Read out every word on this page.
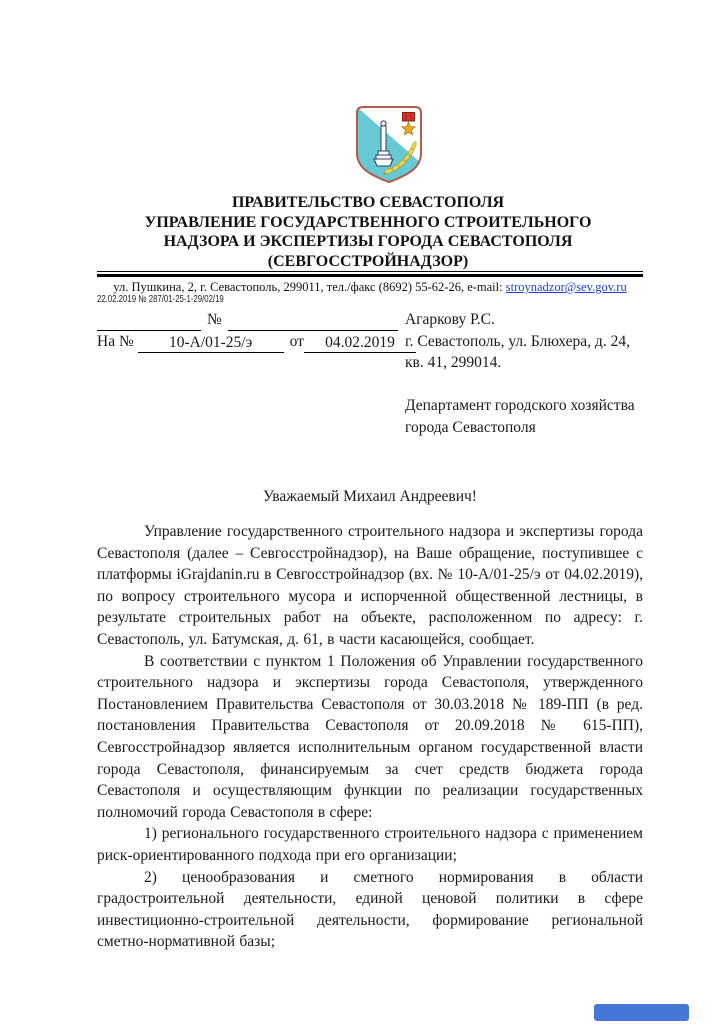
ПРАВИТЕЛЬСТВО СЕВАСТОПОЛЯ
УПРАВЛЕНИЕ ГОСУДАРСТВЕННОГО СТРОИТЕЛЬНОГО
НАДЗОРА И ЭКСПЕРТИЗЫ ГОРОДА СЕВАСТОПОЛЯ
(СЕВГОССТРОЙНАДЗОР)
ул. Пушкина, 2, г. Севастополь, 299011, тел./факс (8692) 55-62-26, e-mail: stroynadzor@sev.gov.ru
22.02.2019 № 287/01-25-1-29/02/19
№
На № 10-А/01-25/э от 04.02.2019
Агаркову Р.С.
г. Севастополь, ул. Блюхера, д. 24,
кв. 41, 299014.
Департамент городского хозяйства
города Севастополя
Уважаемый Михаил Андреевич!

Управление государственного строительного надзора и экспертизы города Севастополя (далее – Севгосстройнадзор), на Ваше обращение, поступившее с платформы iGrajdanin.ru в Севгосстройнадзор (вх. № 10-А/01-25/э от 04.02.2019), по вопросу строительного мусора и испорченной общественной лестницы, в результате строительных работ на объекте, расположенном по адресу: г. Севастополь, ул. Батумская, д. 61, в части касающейся, сообщает.

В соответствии с пунктом 1 Положения об Управлении государственного строительного надзора и экспертизы города Севастополя, утвержденного Постановлением Правительства Севастополя от 30.03.2018 № 189-ПП (в ред. постановления Правительства Севастополя от 20.09.2018 № 615-ПП), Севгосстройнадзор является исполнительным органом государственной власти города Севастополя, финансируемым за счет средств бюджета города Севастополя и осуществляющим функции по реализации государственных полномочий города Севастополя в сфере:

1) регионального государственного строительного надзора с применением риск-ориентированного подхода при его организации;

2) ценообразования и сметного нормирования в области градостроительной деятельности, единой ценовой политики в сфере инвестиционно-строительной деятельности, формирование региональной сметно-нормативной базы;
